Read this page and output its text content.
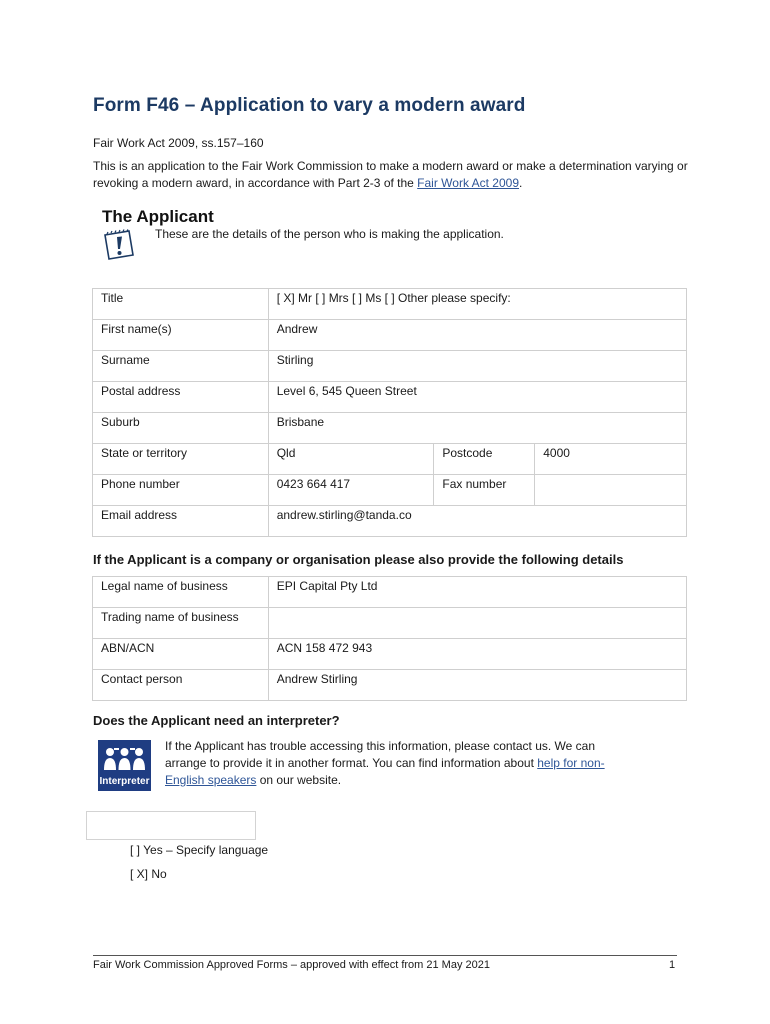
Form F46 – Application to vary a modern award
Fair Work Act 2009, ss.157–160
This is an application to the Fair Work Commission to make a modern award or make a determination varying or revoking a modern award, in accordance with Part 2-3 of the Fair Work Act 2009.
The Applicant
These are the details of the person who is making the application.
Title	[ X] Mr [ ] Mrs [ ] Ms [ ] Other please specify:		
First name(s)	Andrew		
Surname	Stirling		
Postal address	Level 6, 545 Queen Street		
Suburb	Brisbane		
State or territory	Qld	Postcode	4000
Phone number	0423 664 417	Fax number	
Email address	andrew.stirling@tanda.co		
If the Applicant is a company or organisation please also provide the following details
Legal name of business	EPI Capital Pty Ltd
Trading name of business	
ABN/ACN	ACN 158 472 943
Contact person	Andrew Stirling
Does the Applicant need an interpreter?
Interpreter
If the Applicant has trouble accessing this information, please contact us. We can arrange to provide it in another format. You can find information about help for non-English speakers on our website.
[ ] Yes – Specify language
[ X] No
Fair Work Commission Approved Forms – approved with effect from 21 May 2021	1
